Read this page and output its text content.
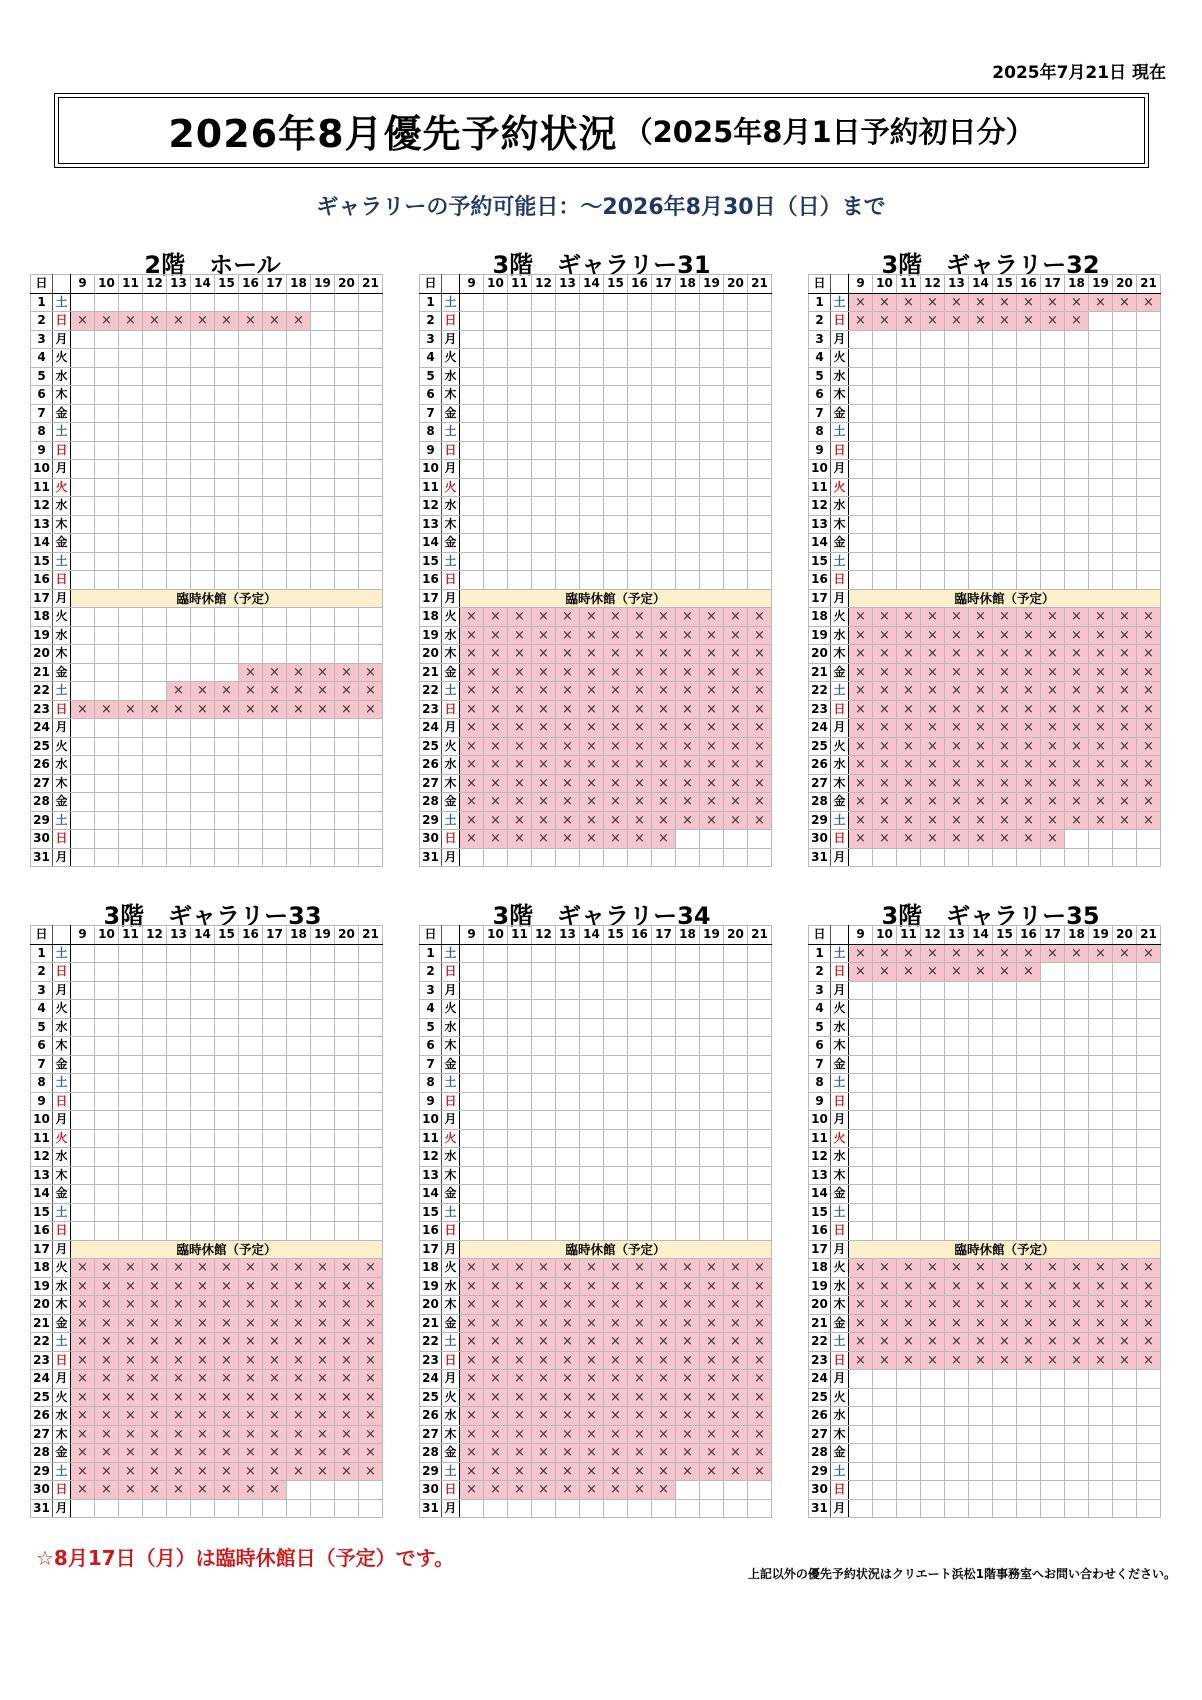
2025年7月21日 現在
2026年8月優先予約状況 （2025年8月1日予約初日分）
ギャラリーの予約可能日：～2026年8月30日（日）まで
2階　ホール
日		9	10	11	12	13	14	15	16	17	18	19	20	21
1	土													
2	日	×	×	×	×	×	×	×	×	×	×			
3	月													
4	火													
5	水													
6	木													
7	金													
8	土													
9	日													
10	月													
11	火													
12	水													
13	木													
14	金													
15	土													
16	日													
17	月	臨時休館（予定）												
18	火													
19	水													
20	木													
21	金								×	×	×	×	×	×
22	土					×	×	×	×	×	×	×	×	×
23	日	×	×	×	×	×	×	×	×	×	×	×	×	×
24	月													
25	火													
26	水													
27	木													
28	金													
29	土													
30	日													
31	月													
3階　ギャラリー31
日		9	10	11	12	13	14	15	16	17	18	19	20	21
1	土													
2	日													
3	月													
4	火													
5	水													
6	木													
7	金													
8	土													
9	日													
10	月													
11	火													
12	水													
13	木													
14	金													
15	土													
16	日													
17	月	臨時休館（予定）												
18	火	×	×	×	×	×	×	×	×	×	×	×	×	×
19	水	×	×	×	×	×	×	×	×	×	×	×	×	×
20	木	×	×	×	×	×	×	×	×	×	×	×	×	×
21	金	×	×	×	×	×	×	×	×	×	×	×	×	×
22	土	×	×	×	×	×	×	×	×	×	×	×	×	×
23	日	×	×	×	×	×	×	×	×	×	×	×	×	×
24	月	×	×	×	×	×	×	×	×	×	×	×	×	×
25	火	×	×	×	×	×	×	×	×	×	×	×	×	×
26	水	×	×	×	×	×	×	×	×	×	×	×	×	×
27	木	×	×	×	×	×	×	×	×	×	×	×	×	×
28	金	×	×	×	×	×	×	×	×	×	×	×	×	×
29	土	×	×	×	×	×	×	×	×	×	×	×	×	×
30	日	×	×	×	×	×	×	×	×	×				
31	月													
3階　ギャラリー32
日		9	10	11	12	13	14	15	16	17	18	19	20	21
1	土	×	×	×	×	×	×	×	×	×	×	×	×	×
2	日	×	×	×	×	×	×	×	×	×	×			
3	月													
4	火													
5	水													
6	木													
7	金													
8	土													
9	日													
10	月													
11	火													
12	水													
13	木													
14	金													
15	土													
16	日													
17	月	臨時休館（予定）												
18	火	×	×	×	×	×	×	×	×	×	×	×	×	×
19	水	×	×	×	×	×	×	×	×	×	×	×	×	×
20	木	×	×	×	×	×	×	×	×	×	×	×	×	×
21	金	×	×	×	×	×	×	×	×	×	×	×	×	×
22	土	×	×	×	×	×	×	×	×	×	×	×	×	×
23	日	×	×	×	×	×	×	×	×	×	×	×	×	×
24	月	×	×	×	×	×	×	×	×	×	×	×	×	×
25	火	×	×	×	×	×	×	×	×	×	×	×	×	×
26	水	×	×	×	×	×	×	×	×	×	×	×	×	×
27	木	×	×	×	×	×	×	×	×	×	×	×	×	×
28	金	×	×	×	×	×	×	×	×	×	×	×	×	×
29	土	×	×	×	×	×	×	×	×	×	×	×	×	×
30	日	×	×	×	×	×	×	×	×	×				
31	月													
3階　ギャラリー33
日		9	10	11	12	13	14	15	16	17	18	19	20	21
1	土													
2	日													
3	月													
4	火													
5	水													
6	木													
7	金													
8	土													
9	日													
10	月													
11	火													
12	水													
13	木													
14	金													
15	土													
16	日													
17	月	臨時休館（予定）												
18	火	×	×	×	×	×	×	×	×	×	×	×	×	×
19	水	×	×	×	×	×	×	×	×	×	×	×	×	×
20	木	×	×	×	×	×	×	×	×	×	×	×	×	×
21	金	×	×	×	×	×	×	×	×	×	×	×	×	×
22	土	×	×	×	×	×	×	×	×	×	×	×	×	×
23	日	×	×	×	×	×	×	×	×	×	×	×	×	×
24	月	×	×	×	×	×	×	×	×	×	×	×	×	×
25	火	×	×	×	×	×	×	×	×	×	×	×	×	×
26	水	×	×	×	×	×	×	×	×	×	×	×	×	×
27	木	×	×	×	×	×	×	×	×	×	×	×	×	×
28	金	×	×	×	×	×	×	×	×	×	×	×	×	×
29	土	×	×	×	×	×	×	×	×	×	×	×	×	×
30	日	×	×	×	×	×	×	×	×	×				
31	月													
3階　ギャラリー34
日		9	10	11	12	13	14	15	16	17	18	19	20	21
1	土													
2	日													
3	月													
4	火													
5	水													
6	木													
7	金													
8	土													
9	日													
10	月													
11	火													
12	水													
13	木													
14	金													
15	土													
16	日													
17	月	臨時休館（予定）												
18	火	×	×	×	×	×	×	×	×	×	×	×	×	×
19	水	×	×	×	×	×	×	×	×	×	×	×	×	×
20	木	×	×	×	×	×	×	×	×	×	×	×	×	×
21	金	×	×	×	×	×	×	×	×	×	×	×	×	×
22	土	×	×	×	×	×	×	×	×	×	×	×	×	×
23	日	×	×	×	×	×	×	×	×	×	×	×	×	×
24	月	×	×	×	×	×	×	×	×	×	×	×	×	×
25	火	×	×	×	×	×	×	×	×	×	×	×	×	×
26	水	×	×	×	×	×	×	×	×	×	×	×	×	×
27	木	×	×	×	×	×	×	×	×	×	×	×	×	×
28	金	×	×	×	×	×	×	×	×	×	×	×	×	×
29	土	×	×	×	×	×	×	×	×	×	×	×	×	×
30	日	×	×	×	×	×	×	×	×	×				
31	月													
3階　ギャラリー35
日		9	10	11	12	13	14	15	16	17	18	19	20	21
1	土	×	×	×	×	×	×	×	×	×	×	×	×	×
2	日	×	×	×	×	×	×	×	×					
3	月													
4	火													
5	水													
6	木													
7	金													
8	土													
9	日													
10	月													
11	火													
12	水													
13	木													
14	金													
15	土													
16	日													
17	月	臨時休館（予定）												
18	火	×	×	×	×	×	×	×	×	×	×	×	×	×
19	水	×	×	×	×	×	×	×	×	×	×	×	×	×
20	木	×	×	×	×	×	×	×	×	×	×	×	×	×
21	金	×	×	×	×	×	×	×	×	×	×	×	×	×
22	土	×	×	×	×	×	×	×	×	×	×	×	×	×
23	日	×	×	×	×	×	×	×	×	×	×	×	×	×
24	月													
25	火													
26	水													
27	木													
28	金													
29	土													
30	日													
31	月													
☆8月17日（月）は臨時休館日（予定）です。
上記以外の優先予約状況はクリエート浜松1階事務室へお問い合わせください。
